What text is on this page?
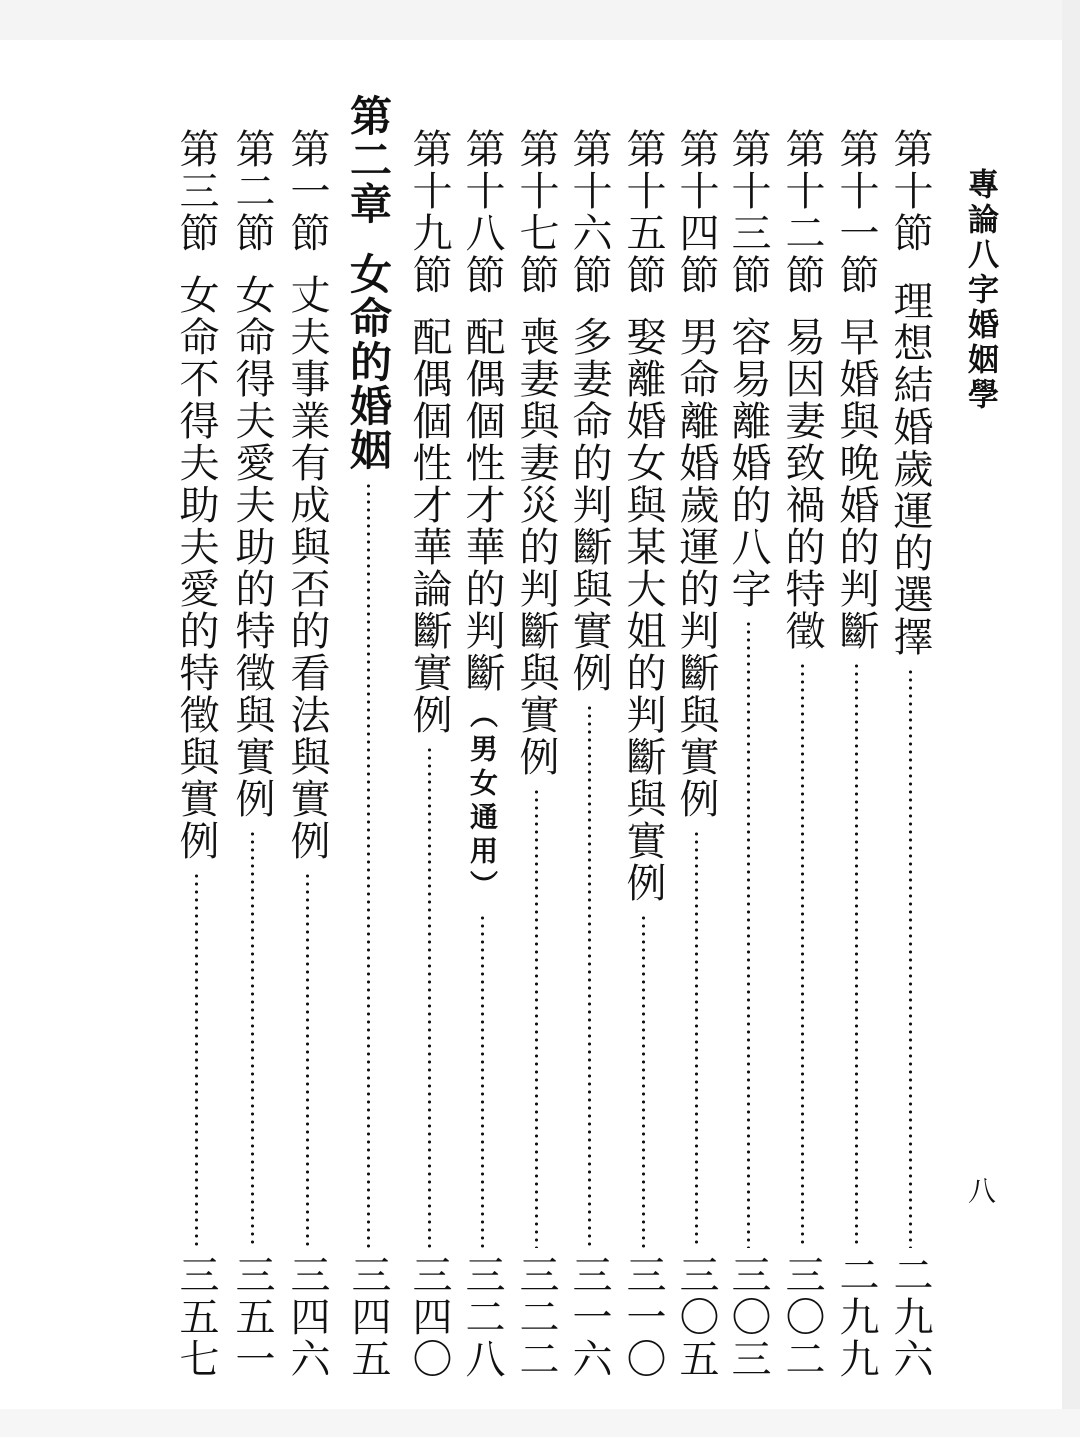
專論八字婚姻學
八
第十節
理想結婚歲運的選擇
二九六
第十一節
早婚與晚婚的判斷
二九九
第十二節
易因妻致禍的特徵
三〇二
第十三節
容易離婚的八字
三〇三
第十四節
男命離婚歲運的判斷與實例
三〇五
第十五節
娶離婚女與某大姐的判斷與實例
三一〇
第十六節
多妻命的判斷與實例
三一六
第十七節
喪妻與妻災的判斷與實例
三二二
第十八節
配偶個性才華的判斷
（男女通用）
三二八
第十九節
配偶個性才華論斷實例
三四〇
第二章
女命的婚姻
三四五
第一節
丈夫事業有成與否的看法與實例
三四六
第二節
女命得夫愛夫助的特徵與實例
三五一
第三節
女命不得夫助夫愛的特徵與實例
三五七
